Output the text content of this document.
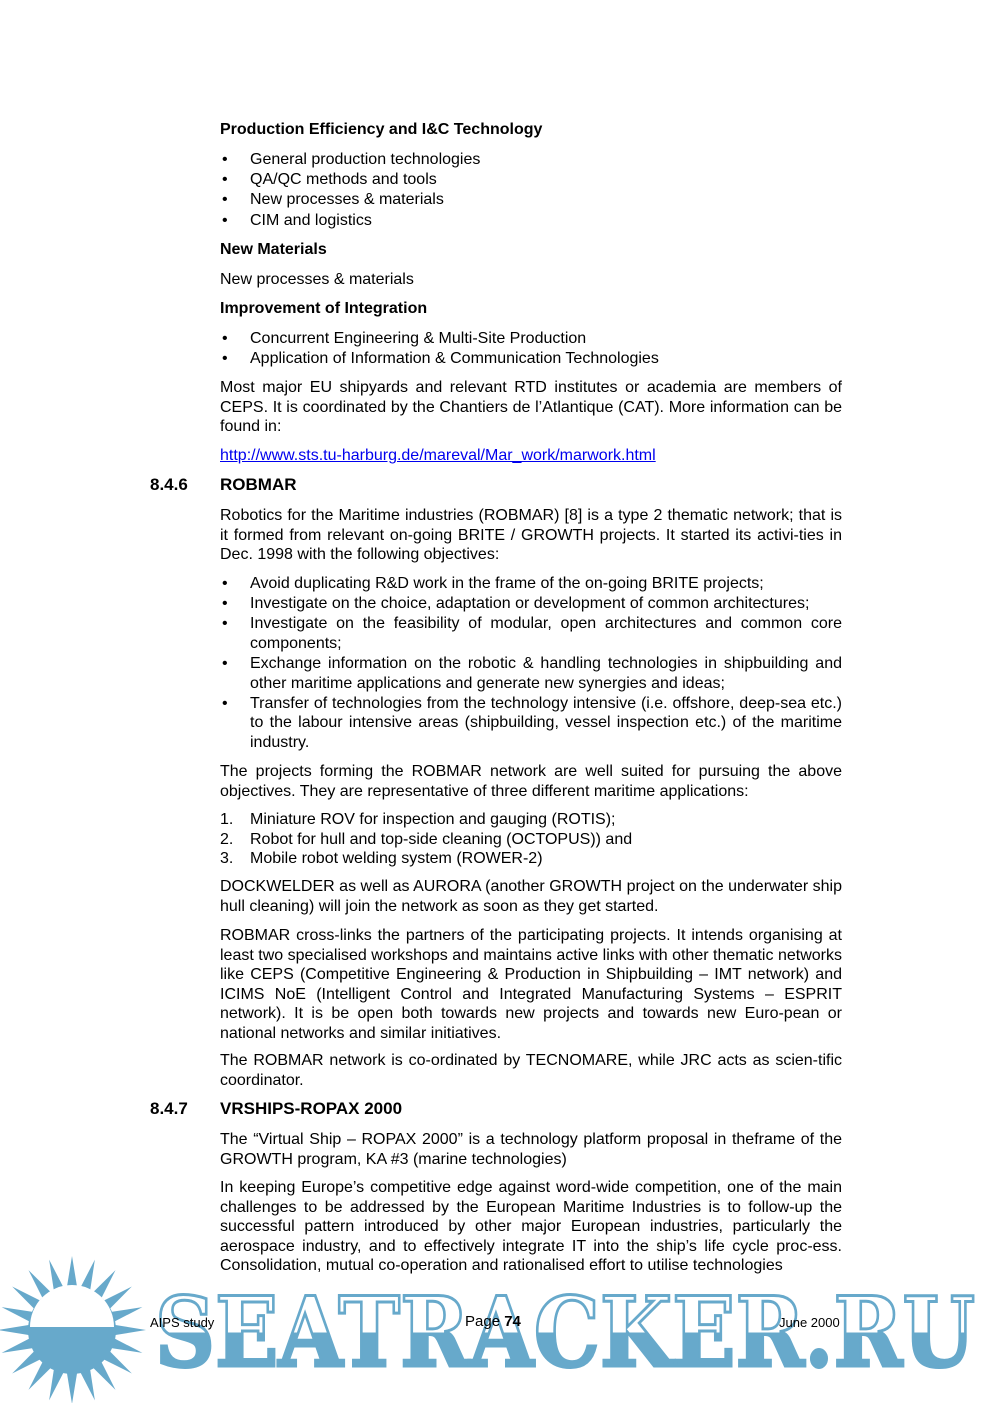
Production Efficiency and I&C Technology
• General production technologies
• QA/QC methods and tools
• New processes & materials
• CIM and logistics
New Materials
New processes & materials
Improvement of Integration
• Concurrent Engineering & Multi-Site Production
• Application of Information & Communication Technologies
Most major EU shipyards and relevant RTD institutes or academia are members of CEPS. It is coordinated by the Chantiers de l’Atlantique (CAT). More information can be found in:
http://www.sts.tu-harburg.de/mareval/Mar_work/marwork.html
8.4.6 ROBMAR
Robotics for the Maritime industries (ROBMAR) [8] is a type 2 thematic network; that is it formed from relevant on-going BRITE / GROWTH projects. It started its activi-ties in Dec. 1998 with the following objectives:
• Avoid duplicating R&D work in the frame of the on-going BRITE projects;
• Investigate on the choice, adaptation or development of common architectures;
• Investigate on the feasibility of modular, open architectures and common core components;
• Exchange information on the robotic & handling technologies in shipbuilding and other maritime applications and generate new synergies and ideas;
• Transfer of technologies from the technology intensive (i.e. offshore, deep-sea etc.) to the labour intensive areas (shipbuilding, vessel inspection etc.) of the maritime industry.
The projects forming the ROBMAR network are well suited for pursuing the above objectives. They are representative of three different maritime applications:
1. Miniature ROV for inspection and gauging (ROTIS);
2. Robot for hull and top-side cleaning (OCTOPUS)) and
3. Mobile robot welding system (ROWER-2)
DOCKWELDER as well as AURORA (another GROWTH project on the underwater ship hull cleaning) will join the network as soon as they get started.
ROBMAR cross-links the partners of the participating projects. It intends organising at least two specialised workshops and maintains active links with other thematic networks like CEPS (Competitive Engineering & Production in Shipbuilding – IMT network) and ICIMS NoE (Intelligent Control and Integrated Manufacturing Systems – ESPRIT network). It is be open both towards new projects and towards new Euro-pean or national networks and similar initiatives.
The ROBMAR network is co-ordinated by TECNOMARE, while JRC acts as scien-tific coordinator.
8.4.7 VRSHIPS-ROPAX 2000
The “Virtual Ship – ROPAX 2000” is a technology platform proposal in theframe of the GROWTH program, KA #3 (marine technologies)
In keeping Europe’s competitive edge against word-wide competition, one of the main challenges to be addressed by the European Maritime Industries is to follow-up the successful pattern introduced by other major European industries, particularly the aerospace industry, and to effectively integrate IT into the ship’s life cycle proc-ess. Consolidation, mutual co-operation and rationalised effort to utilise technologies
SEATRACKER.RU
AIPS study	Page 74	June 2000
